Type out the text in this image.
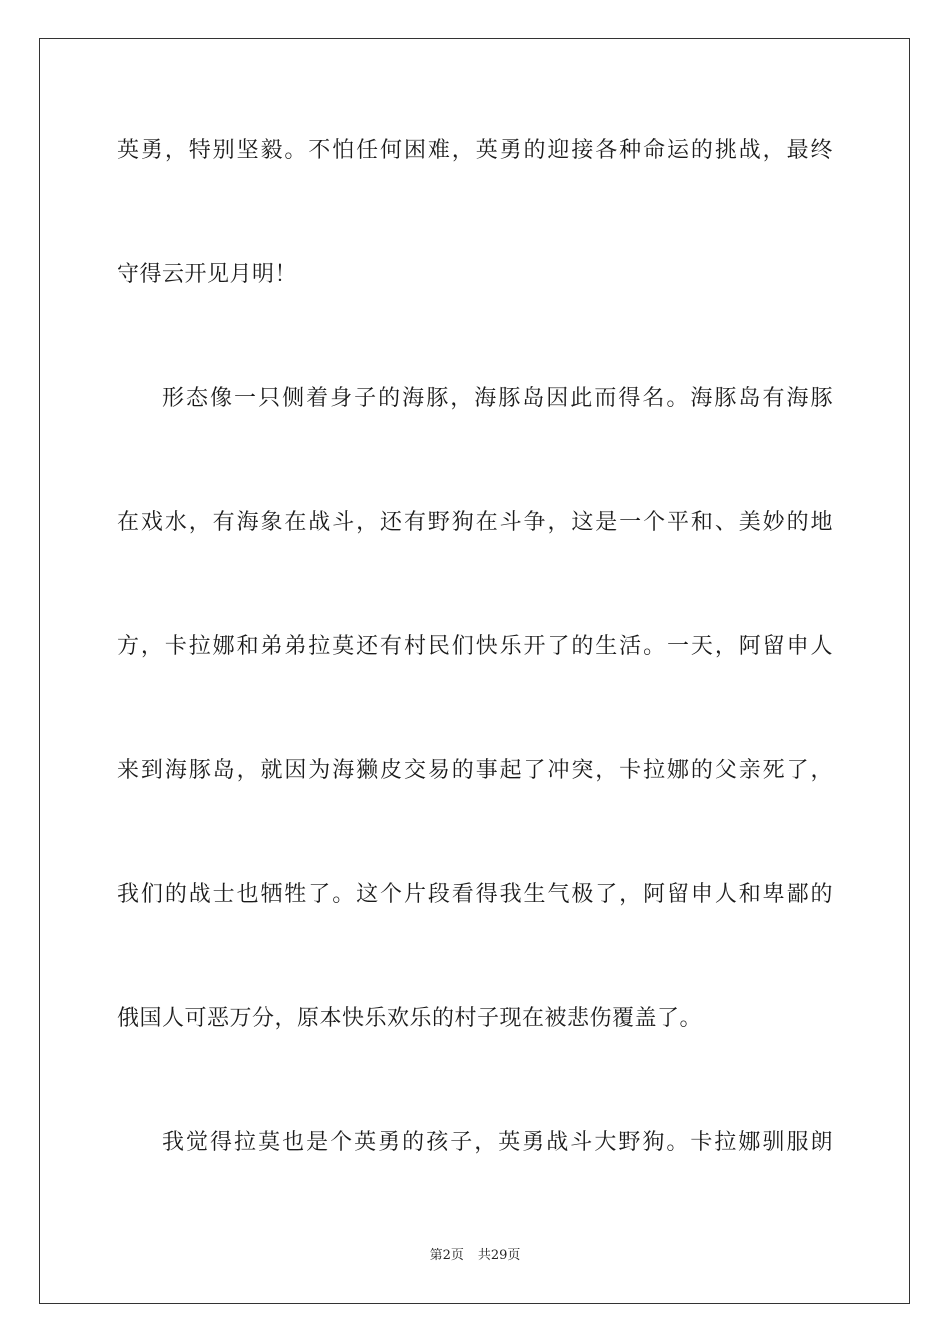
英勇，特别坚毅。不怕任何困难，英勇的迎接各种命运的挑战，最终
守得云开见月明！
形态像一只侧着身子的海豚，海豚岛因此而得名。海豚岛有海豚
在戏水，有海象在战斗，还有野狗在斗争，这是一个平和、美妙的地
方，卡拉娜和弟弟拉莫还有村民们快乐开了的生活。一天，阿留申人
来到海豚岛，就因为海獭皮交易的事起了冲突，卡拉娜的父亲死了，
我们的战士也牺牲了。这个片段看得我生气极了，阿留申人和卑鄙的
俄国人可恶万分，原本快乐欢乐的村子现在被悲伤覆盖了。
我觉得拉莫也是个英勇的孩子，英勇战斗大野狗。卡拉娜驯服朗
第2页 共29页
